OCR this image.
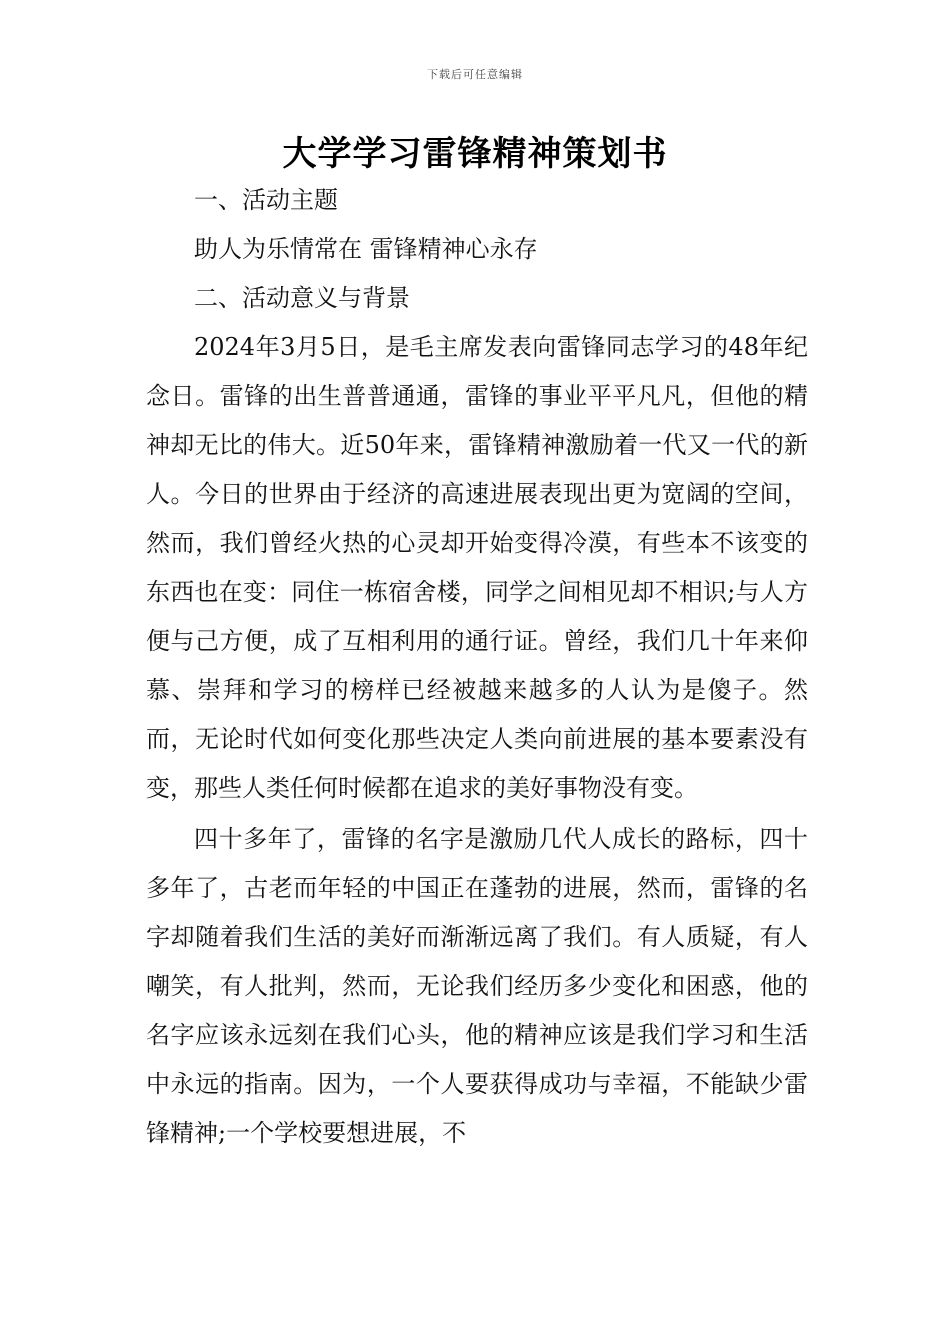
下载后可任意编辑
大学学习雷锋精神策划书

一、活动主题

助人为乐情常在 雷锋精神心永存

二、活动意义与背景

2024年3月5日，是毛主席发表向雷锋同志学习的48年纪念日。雷锋的出生普普通通，雷锋的事业平平凡凡，但他的精神却无比的伟大。近50年来，雷锋精神激励着一代又一代的新人。今日的世界由于经济的高速进展表现出更为宽阔的空间，然而，我们曾经火热的心灵却开始变得冷漠，有些本不该变的东西也在变：同住一栋宿舍楼，同学之间相见却不相识;与人方便与己方便，成了互相利用的通行证。曾经，我们几十年来仰慕、崇拜和学习的榜样已经被越来越多的人认为是傻子。然而，无论时代如何变化那些决定人类向前进展的基本要素没有变，那些人类任何时候都在追求的美好事物没有变。

四十多年了，雷锋的名字是激励几代人成长的路标，四十多年了，古老而年轻的中国正在蓬勃的进展，然而，雷锋的名字却随着我们生活的美好而渐渐远离了我们。有人质疑，有人嘲笑，有人批判，然而，无论我们经历多少变化和困惑，他的名字应该永远刻在我们心头，他的精神应该是我们学习和生活中永远的指南。因为，一个人要获得成功与幸福，不能缺少雷锋精神;一个学校要想进展，不
